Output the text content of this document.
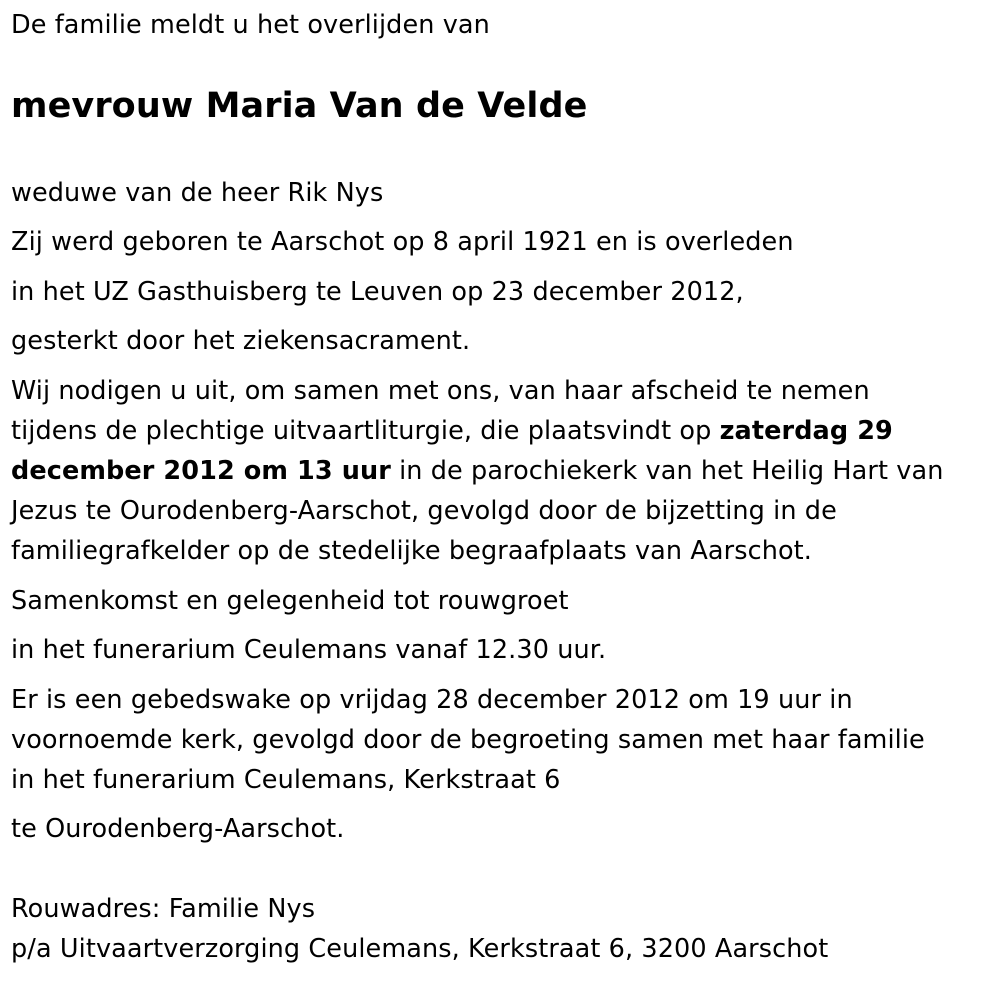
De familie meldt u het overlijden van
mevrouw Maria Van de Velde
weduwe van de heer Rik Nys
Zij werd geboren te Aarschot op 8 april 1921 en is overleden
in het UZ Gasthuisberg te Leuven op 23 december 2012,
gesterkt door het ziekensacrament.
Wij nodigen u uit, om samen met ons, van haar afscheid te nemen
tijdens de plechtige uitvaartliturgie, die plaatsvindt op zaterdag 29
december 2012 om 13 uur in de parochiekerk van het Heilig Hart van
Jezus te Ourodenberg-Aarschot, gevolgd door de bijzetting in de
familiegrafkelder op de stedelijke begraafplaats van Aarschot.
Samenkomst en gelegenheid tot rouwgroet
in het funerarium Ceulemans vanaf 12.30 uur.
Er is een gebedswake op vrijdag 28 december 2012 om 19 uur in
voornoemde kerk, gevolgd door de begroeting samen met haar familie
in het funerarium Ceulemans, Kerkstraat 6
te Ourodenberg-Aarschot.
Rouwadres: Familie Nys
p/a Uitvaartverzorging Ceulemans, Kerkstraat 6, 3200 Aarschot
